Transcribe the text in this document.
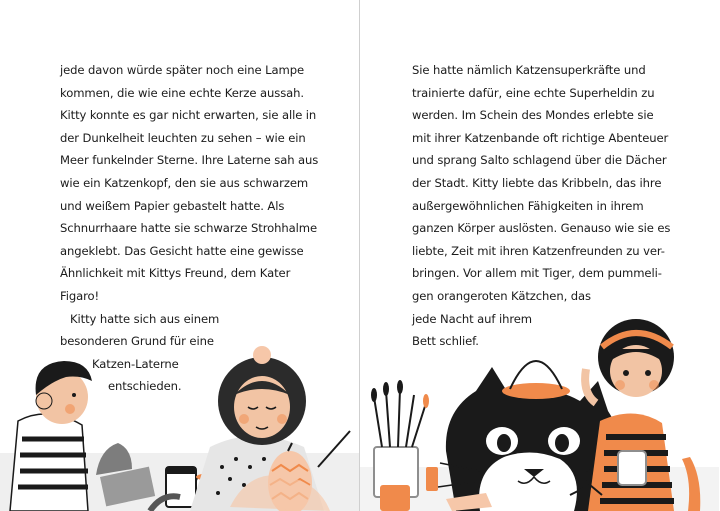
jede davon würde später noch eine Lampe
kommen, die wie eine echte Kerze aussah.
Kitty konnte es gar nicht erwarten, sie alle in
der Dunkelheit leuchten zu sehen – wie ein
Meer funkelnder Sterne. Ihre Laterne sah aus
wie ein Katzenkopf, den sie aus schwarzem
und weißem Papier gebastelt hatte. Als
Schnurrhaare hatte sie schwarze Strohhalme
angeklebt. Das Gesicht hatte eine gewisse
Ähnlichkeit mit Kittys Freund, dem Kater
Figaro!
Kitty hatte sich aus einem
besonderen Grund für eine
Katzen-Laterne
entschieden.
Sie hatte nämlich Katzensuperkräfte und
trainierte dafür, eine echte Superheldin zu
werden. Im Schein des Mondes erlebte sie
mit ihrer Katzenbande oft richtige Abenteuer
und sprang Salto schlagend über die Dächer
der Stadt. Kitty liebte das Kribbeln, das ihre
außergewöhnlichen Fähigkeiten in ihrem
ganzen Körper auslösten. Genauso wie sie es
liebte, Zeit mit ihren Katzenfreunden zu ver-
bringen. Vor allem mit Tiger, dem pummeli-
gen orangeroten Kätzchen, das
jede Nacht auf ihrem
Bett schlief.
